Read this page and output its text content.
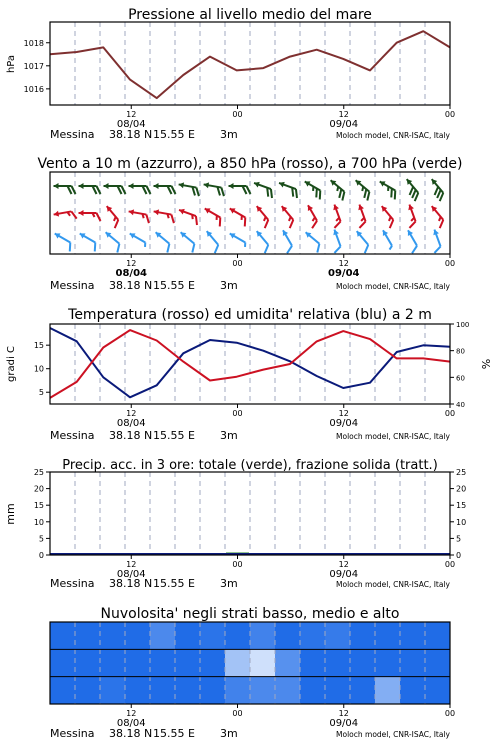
Pressione al livello medio del mare
1016
1017
1018
hPa
12	00	12	00
08/04	09/04
Messina 38.18 N 15.55 E 3m	Moloch model, CNR-ISAC, Italy
Vento a 10 m (azzurro), a 850 hPa (rosso), a 700 hPa (verde)
12	00	12	00
08/04	09/04
Messina 38.18 N 15.55 E 3m	Moloch model, CNR-ISAC, Italy
Temperatura (rosso) ed umidita' relativa (blu) a 2 m
5
10
15
40
60
80
100
gradi C	%
12	00	12	00
08/04	09/04
Messina 38.18 N 15.55 E 3m	Moloch model, CNR-ISAC, Italy
Precip. acc. in 3 ore: totale (verde), frazione solida (tratt.)
0	0
5	5
10	10
15	15
20	20
25	25
mm
12	00	12	00
08/04	09/04
Messina 38.18 N 15.55 E 3m	Moloch model, CNR-ISAC, Italy
Nuvolosita' negli strati basso, medio e alto
12	00	12	00
08/04	09/04
Messina 38.18 N 15.55 E 3m	Moloch model, CNR-ISAC, Italy
